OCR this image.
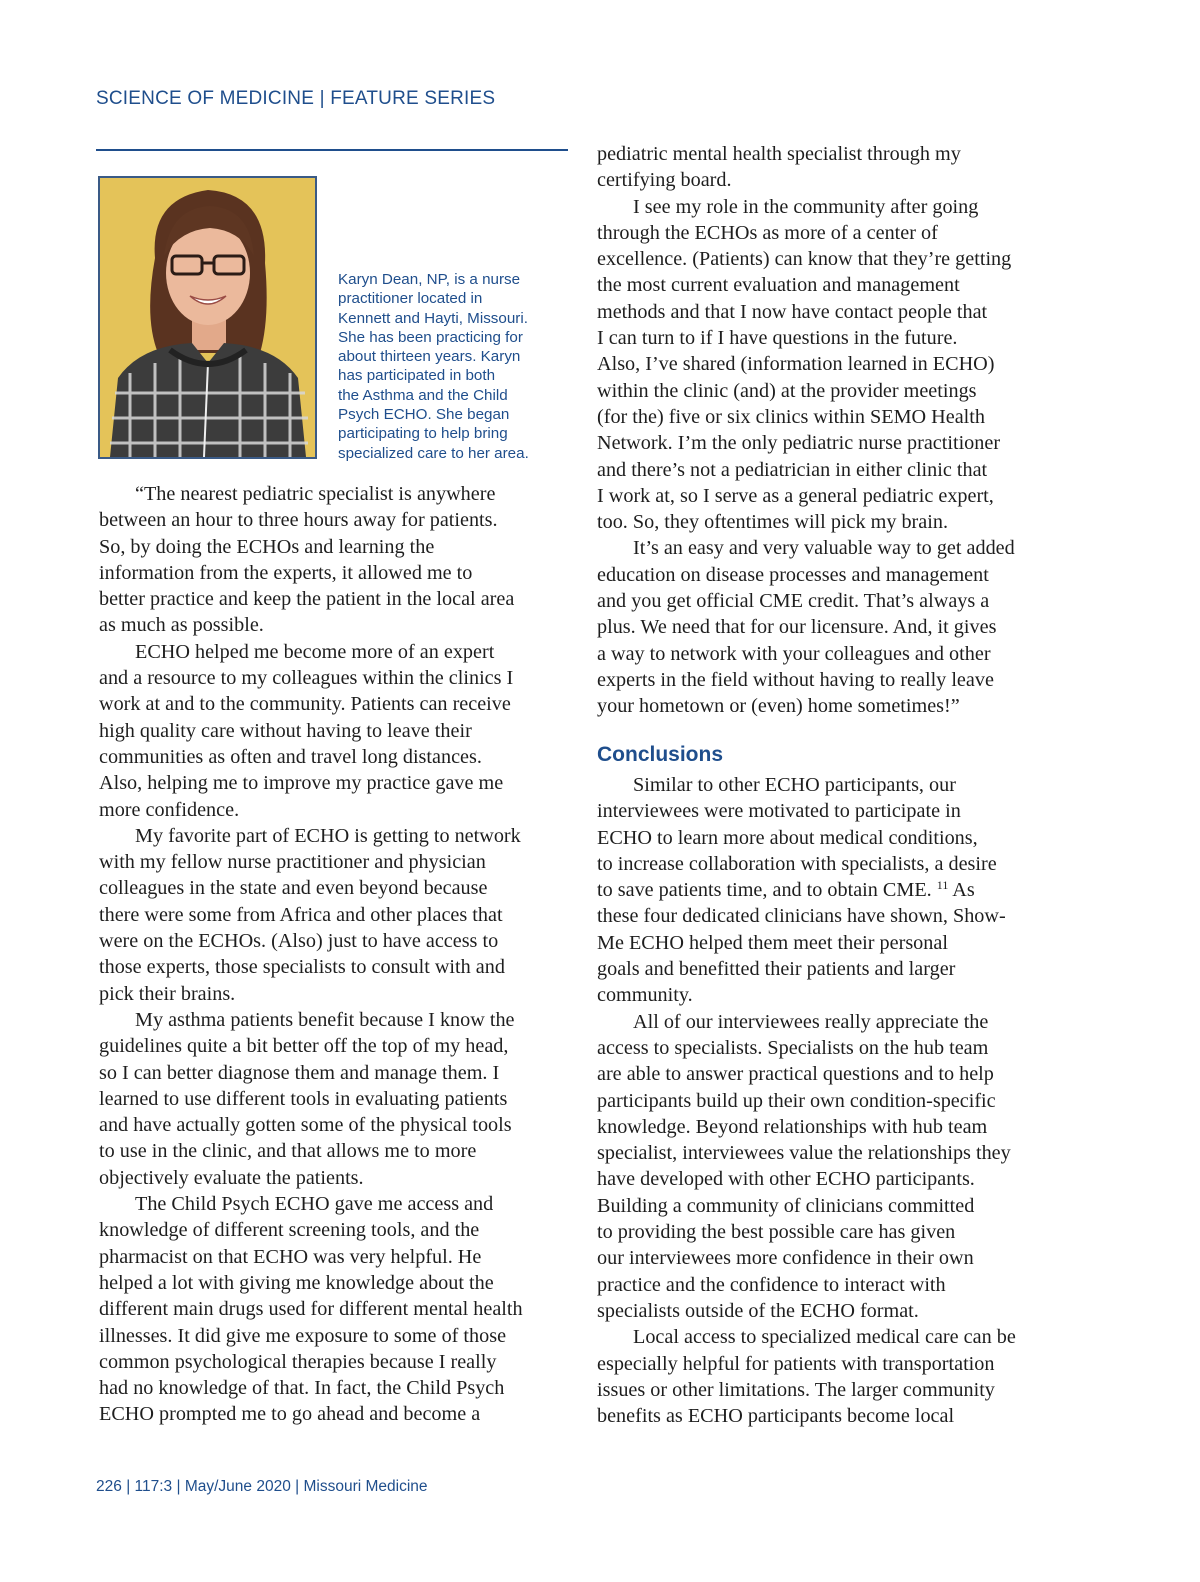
SCIENCE OF MEDICINE | FEATURE SERIES
Karyn Dean, NP, is a nurse
practitioner located in
Kennett and Hayti, Missouri.
She has been practicing for
about thirteen years. Karyn
has participated in both
the Asthma and the Child
Psych ECHO. She began
participating to help bring
specialized care to her area.

“The nearest pediatric specialist is anywhere
between an hour to three hours away for patients.
So, by doing the ECHOs and learning the
information from the experts, it allowed me to
better practice and keep the patient in the local area
as much as possible.

ECHO helped me become more of an expert
and a resource to my colleagues within the clinics I
work at and to the community. Patients can receive
high quality care without having to leave their
communities as often and travel long distances.
Also, helping me to improve my practice gave me
more confidence.

My favorite part of ECHO is getting to network
with my fellow nurse practitioner and physician
colleagues in the state and even beyond because
there were some from Africa and other places that
were on the ECHOs. (Also) just to have access to
those experts, those specialists to consult with and
pick their brains.

My asthma patients benefit because I know the
guidelines quite a bit better off the top of my head,
so I can better diagnose them and manage them. I
learned to use different tools in evaluating patients
and have actually gotten some of the physical tools
to use in the clinic, and that allows me to more
objectively evaluate the patients.

The Child Psych ECHO gave me access and
knowledge of different screening tools, and the
pharmacist on that ECHO was very helpful. He
helped a lot with giving me knowledge about the
different main drugs used for different mental health
illnesses. It did give me exposure to some of those
common psychological therapies because I really
had no knowledge of that. In fact, the Child Psych
ECHO prompted me to go ahead and become a

pediatric mental health specialist through my
certifying board.

I see my role in the community after going
through the ECHOs as more of a center of
excellence. (Patients) can know that they’re getting
the most current evaluation and management
methods and that I now have contact people that
I can turn to if I have questions in the future.
Also, I’ve shared (information learned in ECHO)
within the clinic (and) at the provider meetings
(for the) five or six clinics within SEMO Health
Network. I’m the only pediatric nurse practitioner
and there’s not a pediatrician in either clinic that
I work at, so I serve as a general pediatric expert,
too. So, they oftentimes will pick my brain.

It’s an easy and very valuable way to get added
education on disease processes and management
and you get official CME credit. That’s always a
plus. We need that for our licensure. And, it gives
a way to network with your colleagues and other
experts in the field without having to really leave
your hometown or (even) home sometimes!”

Conclusions

Similar to other ECHO participants, our
interviewees were motivated to participate in
ECHO to learn more about medical conditions,
to increase collaboration with specialists, a desire
to save patients time, and to obtain CME. $^{11}$ As
these four dedicated clinicians have shown, Show-
Me ECHO helped them meet their personal
goals and benefitted their patients and larger
community.

All of our interviewees really appreciate the
access to specialists. Specialists on the hub team
are able to answer practical questions and to help
participants build up their own condition-specific
knowledge. Beyond relationships with hub team
specialist, interviewees value the relationships they
have developed with other ECHO participants.
Building a community of clinicians committed
to providing the best possible care has given
our interviewees more confidence in their own
practice and the confidence to interact with
specialists outside of the ECHO format.

Local access to specialized medical care can be
especially helpful for patients with transportation
issues or other limitations. The larger community
benefits as ECHO participants become local

226 | 117:3 | May/June 2020 | Missouri Medicine
